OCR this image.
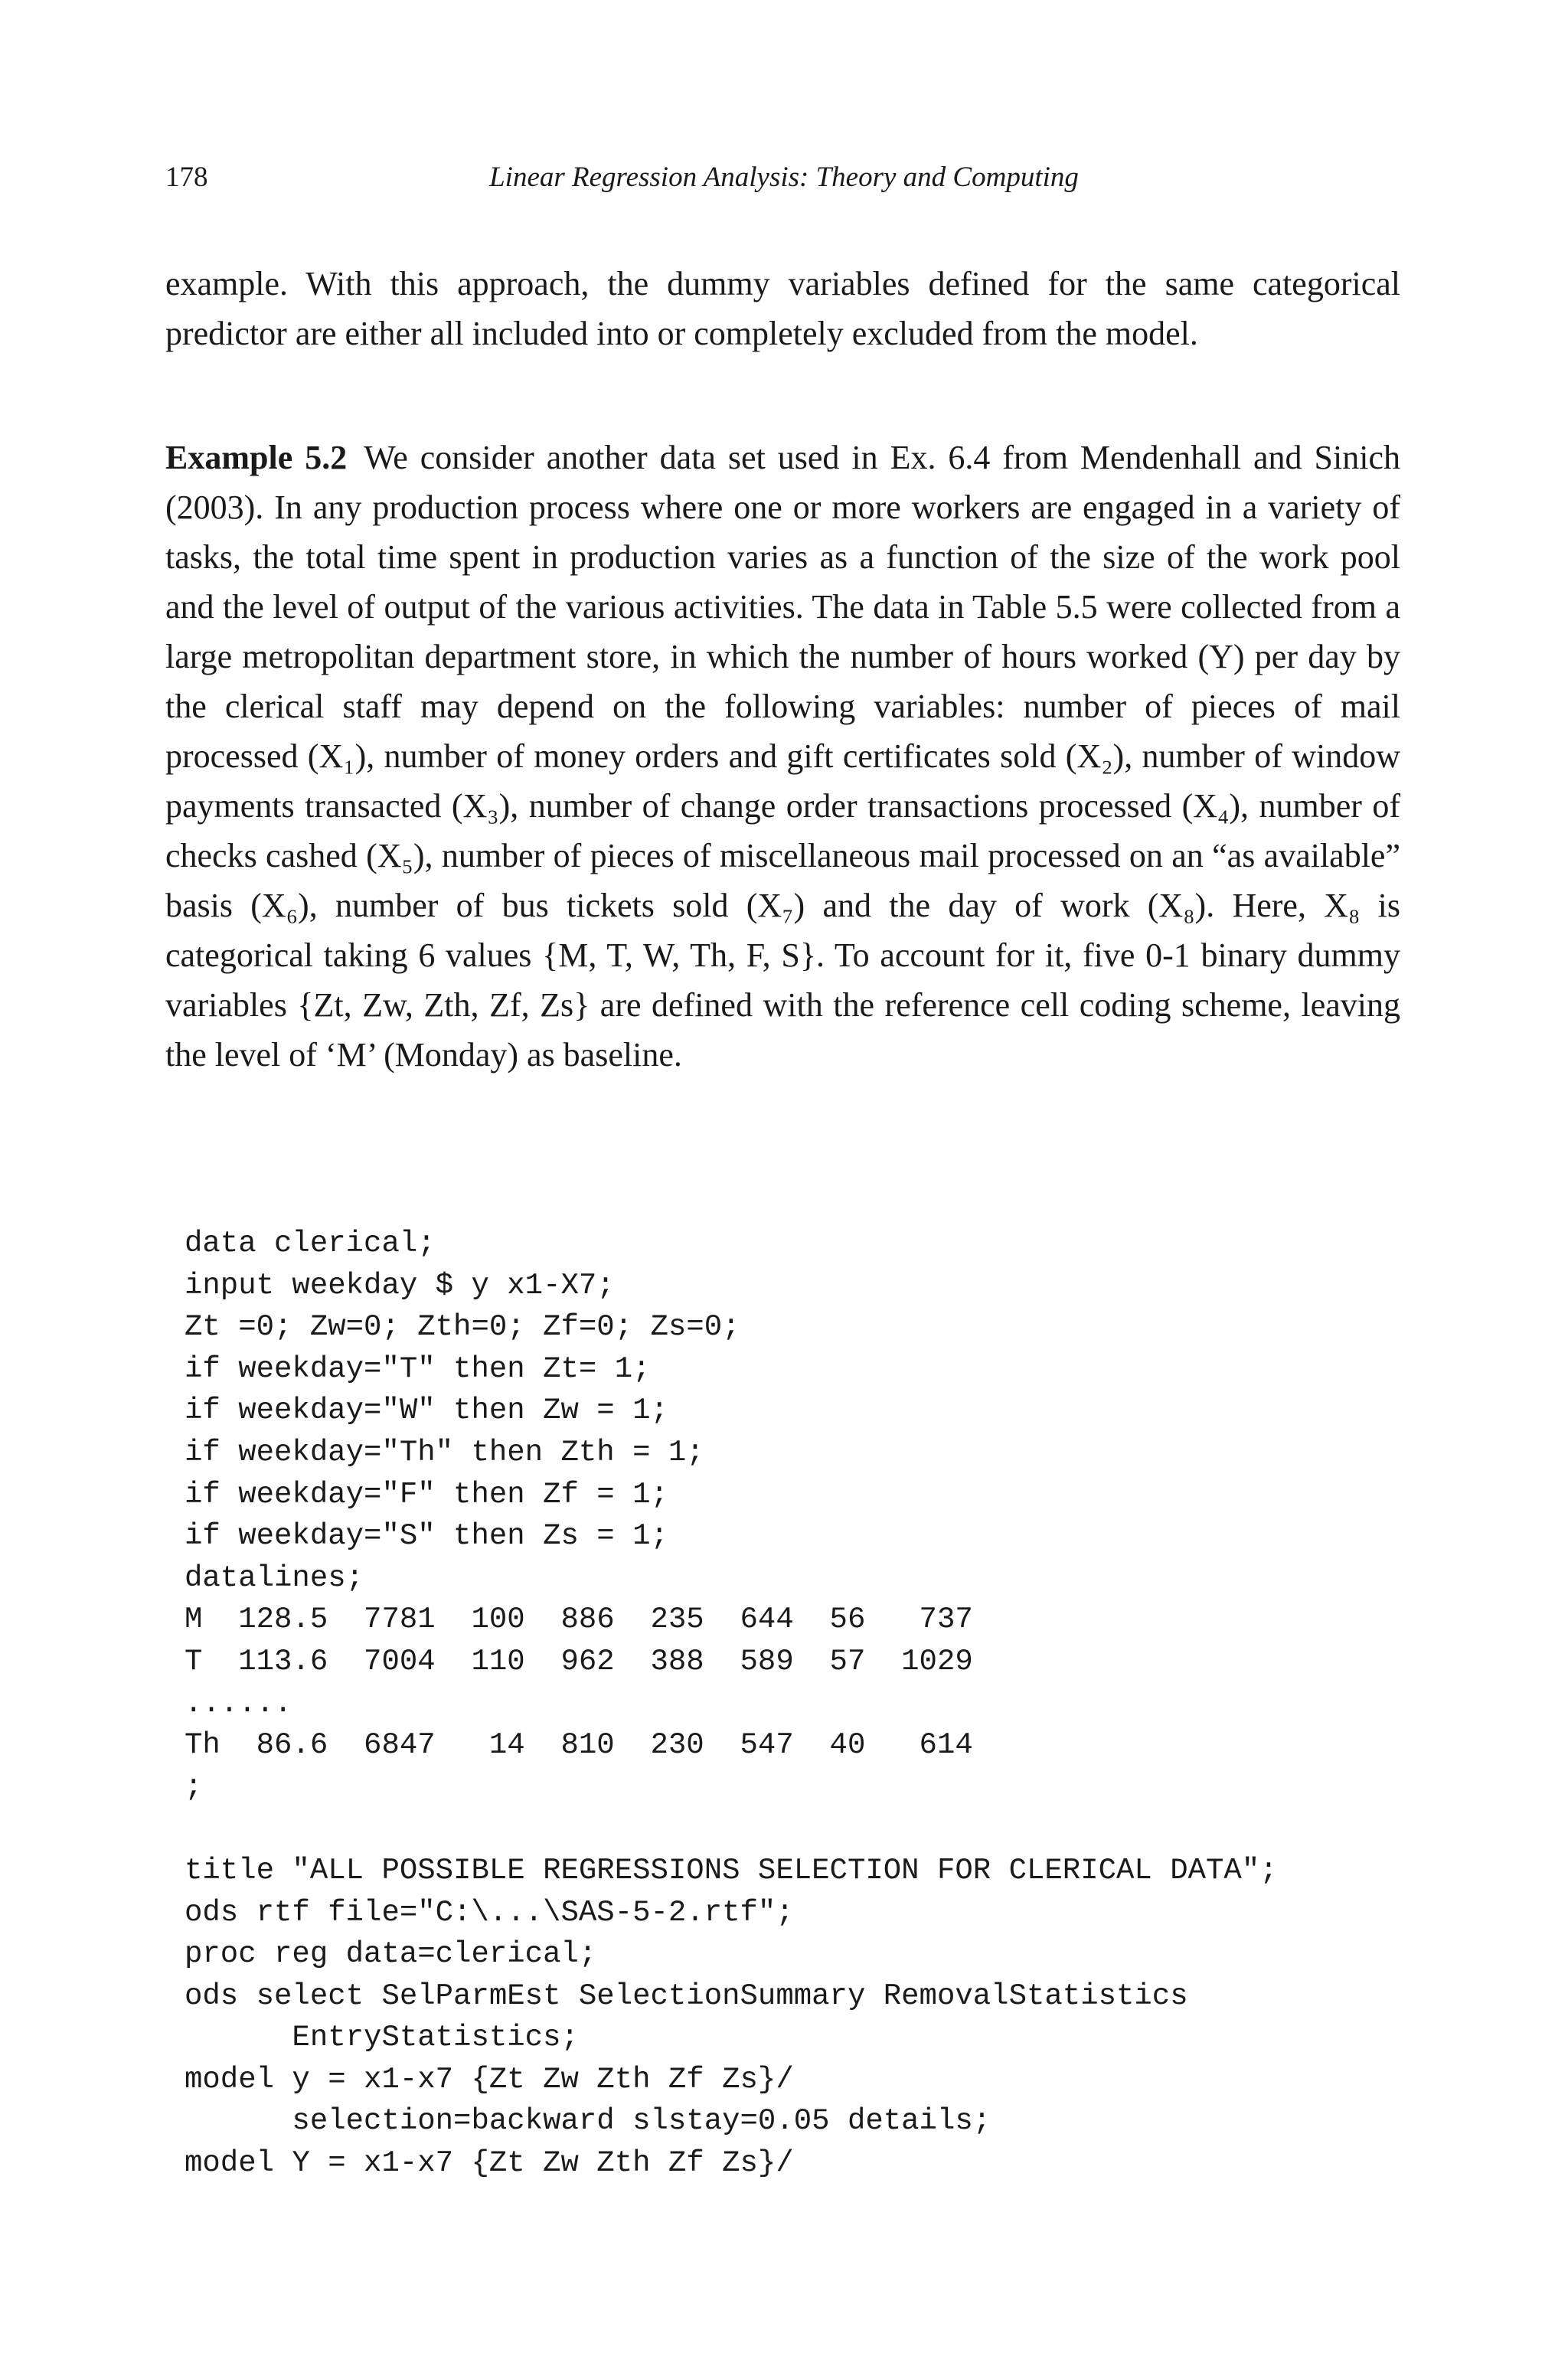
178	Linear Regression Analysis: Theory and Computing

example. With this approach, the dummy variables defined for the same categorical predictor are either all included into or completely excluded from the model.

Example 5.2 We consider another data set used in Ex. 6.4 from Mendenhall and Sinich (2003). In any production process where one or more workers are engaged in a variety of tasks, the total time spent in production varies as a function of the size of the work pool and the level of output of the various activities. The data in Table 5.5 were collected from a large metropolitan department store, in which the number of hours worked (Y) per day by the clerical staff may depend on the following variables: number of pieces of mail processed (X₁), number of money orders and gift certificates sold (X₂), number of window payments transacted (X₃), number of change order transactions processed (X₄), number of checks cashed (X₅), number of pieces of miscellaneous mail processed on an “as available” basis (X₆), number of bus tickets sold (X₇) and the day of work (X₈). Here, X₈ is categorical taking 6 values {M, T, W, Th, F, S}. To account for it, five 0-1 binary dummy variables {Zt, Zw, Zth, Zf, Zs} are defined with the reference cell coding scheme, leaving the level of ‘M’ (Monday) as baseline.

data clerical;
input weekday $ y x1-X7;
Zt =0; Zw=0; Zth=0; Zf=0; Zs=0;
if weekday="T" then Zt= 1;
if weekday="W" then Zw = 1;
if weekday="Th" then Zth = 1;
if weekday="F" then Zf = 1;
if weekday="S" then Zs = 1;
datalines;
M  128.5  7781  100  886  235  644  56   737
T  113.6  7004  110  962  388  589  57  1029
......
Th  86.6  6847   14  810  230  547  40   614
;
title "ALL POSSIBLE REGRESSIONS SELECTION FOR CLERICAL DATA";
ods rtf file="C:\...\SAS-5-2.rtf";
proc reg data=clerical;
ods select SelParmEst SelectionSummary RemovalStatistics
EntryStatistics;
model y = x1-x7 {Zt Zw Zth Zf Zs}/
selection=backward slstay=0.05 details;
model Y = x1-x7 {Zt Zw Zth Zf Zs}/
